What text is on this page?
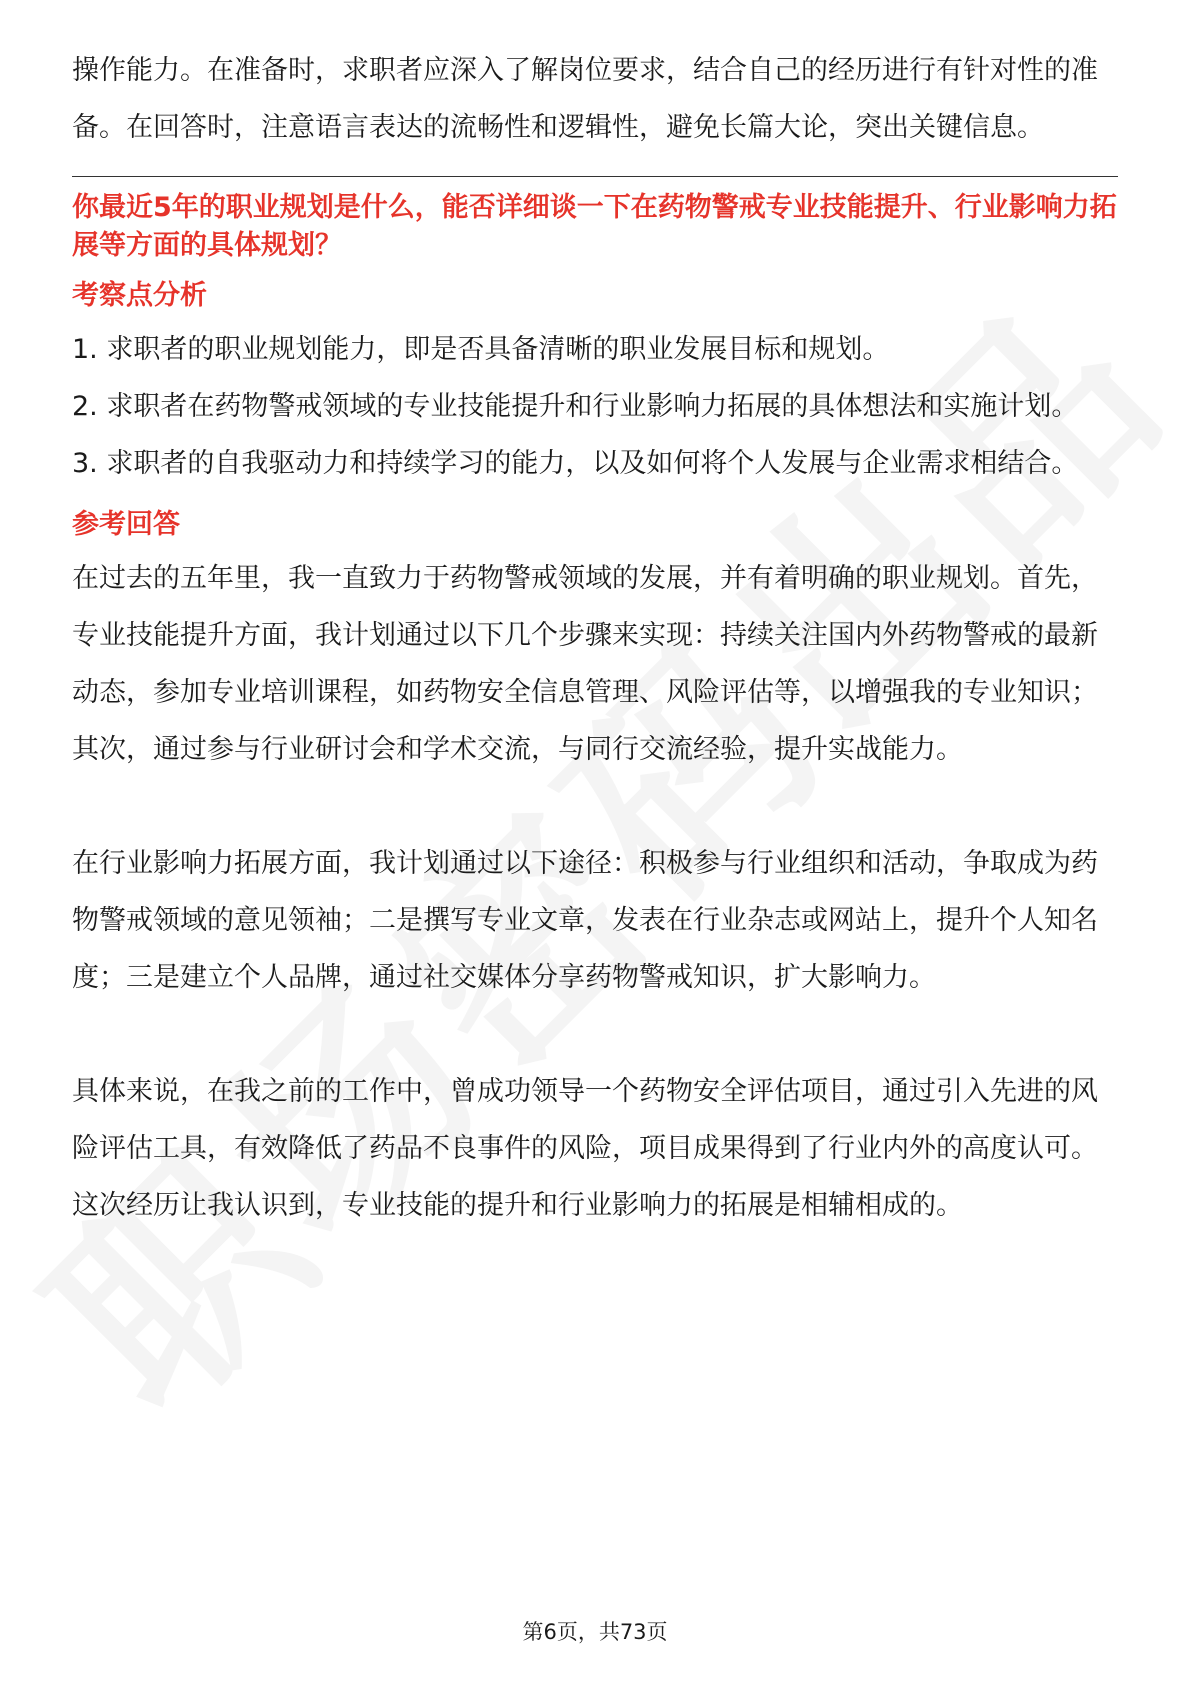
操作能力。在准备时，求职者应深入了解岗位要求，结合自己的经历进行有针对性的准备。在回答时，注意语言表达的流畅性和逻辑性，避免长篇大论，突出关键信息。

你最近5年的职业规划是什么，能否详细谈一下在药物警戒专业技能提升、行业影响力拓展等方面的具体规划？

考察点分析

1. 求职者的职业规划能力，即是否具备清晰的职业发展目标和规划。

2. 求职者在药物警戒领域的专业技能提升和行业影响力拓展的具体想法和实施计划。

3. 求职者的自我驱动力和持续学习的能力，以及如何将个人发展与企业需求相结合。

参考回答

在过去的五年里，我一直致力于药物警戒领域的发展，并有着明确的职业规划。首先，专业技能提升方面，我计划通过以下几个步骤来实现：持续关注国内外药物警戒的最新动态，参加专业培训课程，如药物安全信息管理、风险评估等，以增强我的专业知识；其次，通过参与行业研讨会和学术交流，与同行交流经验，提升实战能力。

在行业影响力拓展方面，我计划通过以下途径：积极参与行业组织和活动，争取成为药物警戒领域的意见领袖；二是撰写专业文章，发表在行业杂志或网站上，提升个人知名度；三是建立个人品牌，通过社交媒体分享药物警戒知识，扩大影响力。

具体来说，在我之前的工作中，曾成功领导一个药物安全评估项目，通过引入先进的风险评估工具，有效降低了药品不良事件的风险，项目成果得到了行业内外的高度认可。这次经历让我认识到，专业技能的提升和行业影响力的拓展是相辅相成的。

第6页，共73页
